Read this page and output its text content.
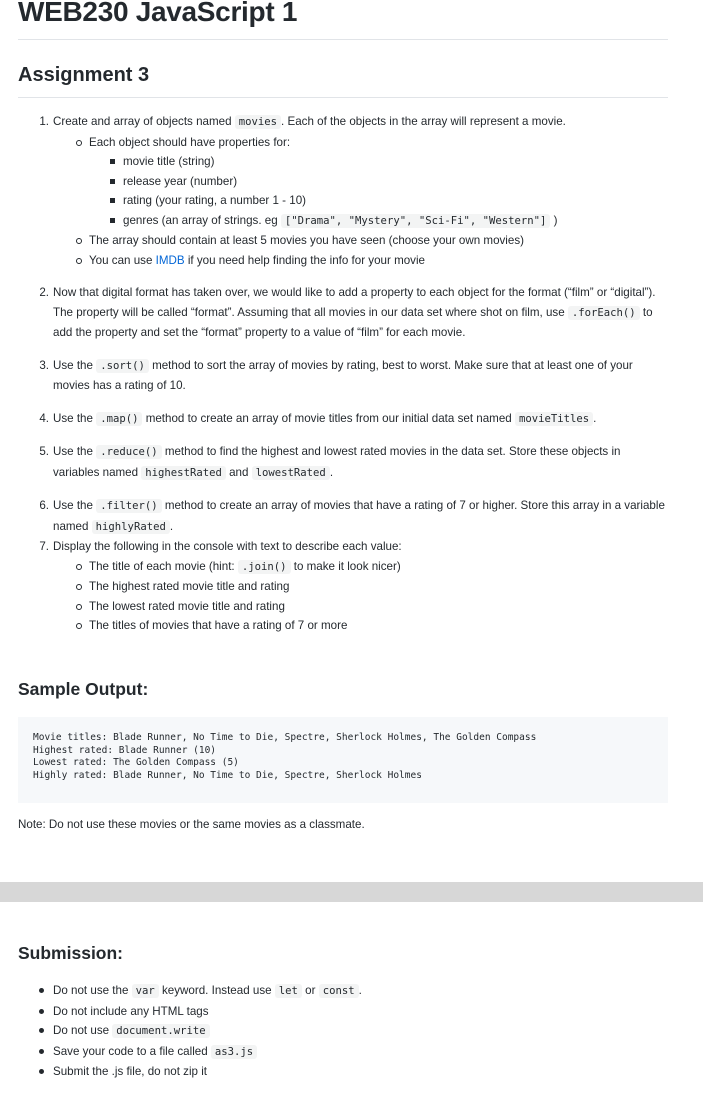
WEB230 JavaScript 1
Assignment 3
1. Create and array of objects named movies . Each of the objects in the array will represent a movie.
Each object should have properties for:
movie title (string)
release year (number)
rating (your rating, a number 1 - 10)
genres (an array of strings. eg ["Drama", "Mystery", "Sci-Fi", "Western"] )
The array should contain at least 5 movies you have seen (choose your own movies)
You can use IMDB if you need help finding the info for your movie
2. Now that digital format has taken over, we would like to add a property to each object for the format (“film” or “digital”). The property will be called “format”. Assuming that all movies in our data set where shot on film, use .forEach() to add the property and set the “format” property to a value of “film” for each movie.
3. Use the .sort() method to sort the array of movies by rating, best to worst. Make sure that at least one of your movies has a rating of 10.
4. Use the .map() method to create an array of movie titles from our initial data set named movieTitles .
5. Use the .reduce() method to find the highest and lowest rated movies in the data set. Store these objects in variables named highestRated and lowestRated .
6. Use the .filter() method to create an array of movies that have a rating of 7 or higher. Store this array in a variable named highlyRated .
7. Display the following in the console with text to describe each value:
The title of each movie (hint: .join() to make it look nicer)
The highest rated movie title and rating
The lowest rated movie title and rating
The titles of movies that have a rating of 7 or more
Sample Output:
Movie titles: Blade Runner, No Time to Die, Spectre, Sherlock Holmes, The Golden Compass
Highest rated: Blade Runner (10)
Lowest rated: The Golden Compass (5)
Highly rated: Blade Runner, No Time to Die, Spectre, Sherlock Holmes

Note: Do not use these movies or the same movies as a classmate.

Submission:
Do not use the var keyword. Instead use let or const .
Do not include any HTML tags
Do not use document.write
Save your code to a file called as3.js
Submit the .js file, do not zip it
